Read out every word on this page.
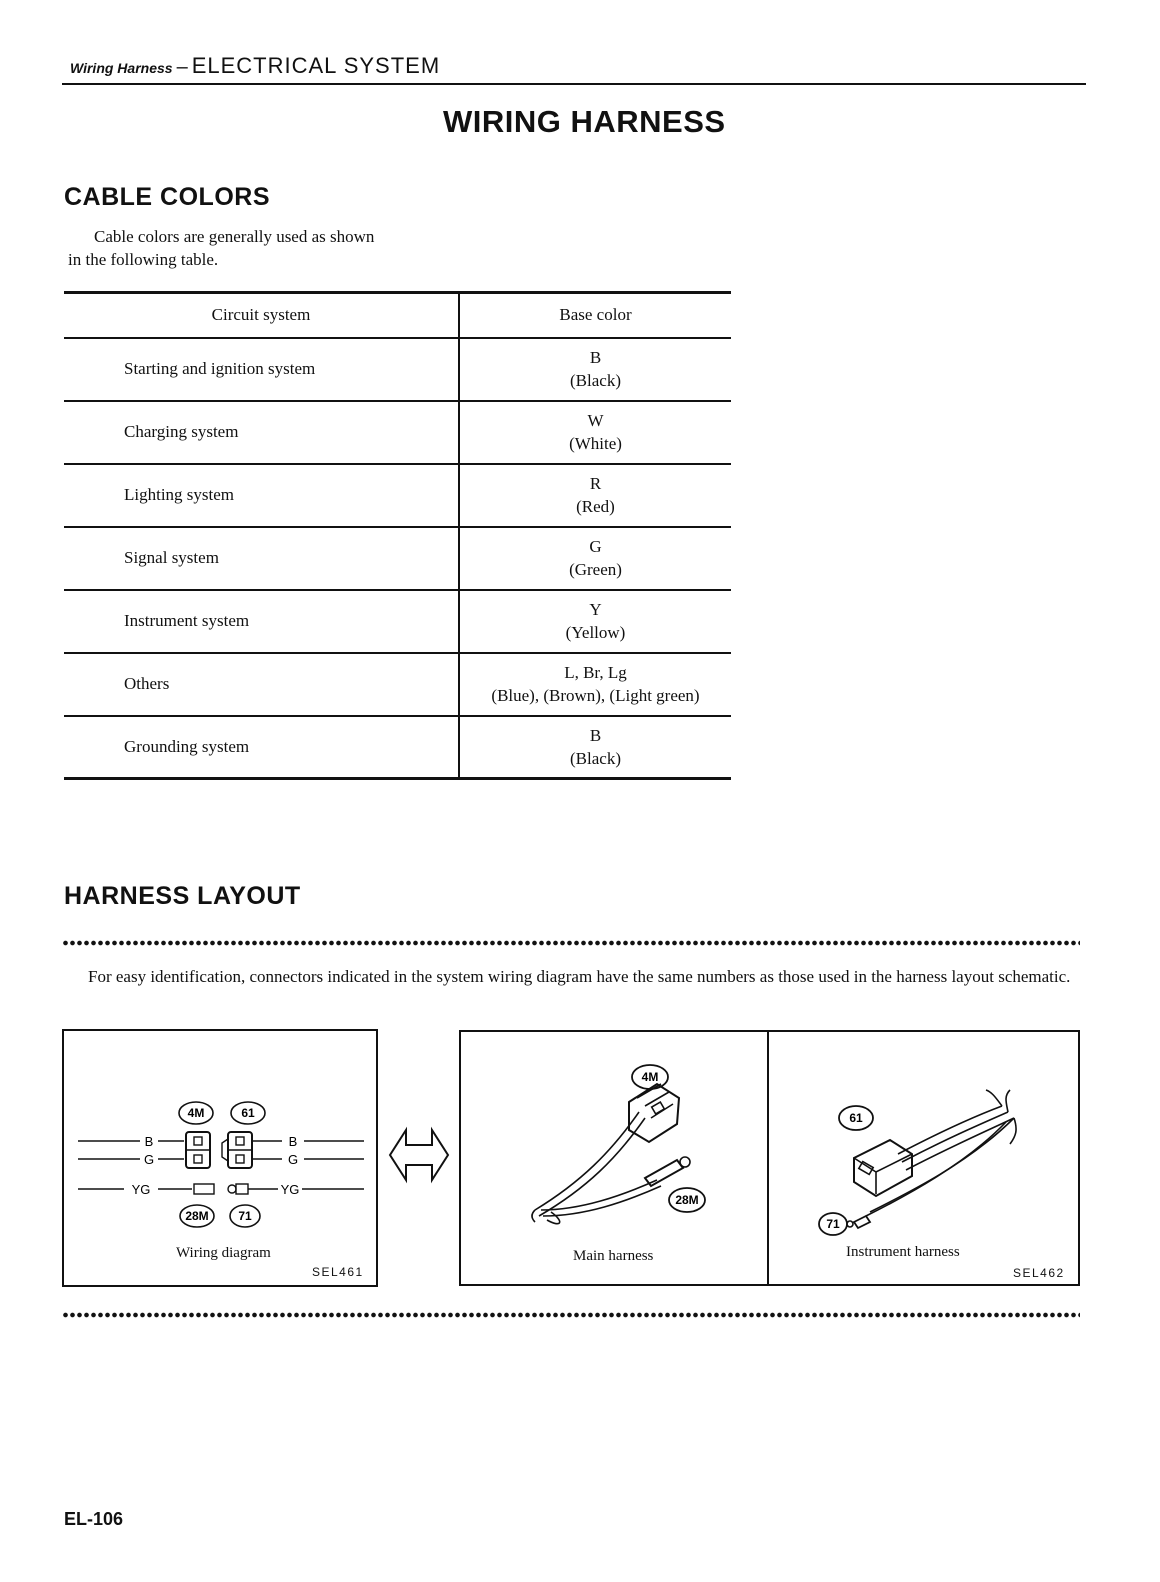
Wiring Harness – ELECTRICAL SYSTEM
WIRING HARNESS
CABLE COLORS
Cable colors are generally used as shown in the following table.
Circuit system	Base color
Starting and ignition system	B
(Black)

Charging system	W
(White)

Lighting system	R
(Red)

Signal system	G
(Green)

Instrument system	Y
(Yellow)

Others	L, Br, Lg
(Blue), (Brown), (Light green)

Grounding system	B
(Black)
HARNESS LAYOUT
For easy identification, connectors indicated in the system wiring diagram have the same numbers as those used in the harness layout schematic.
B
G
YG
B
G
YG
4M	61
28M 71
Wiring diagram
SEL461
4M
28M
Main harness
61
71
Instrument harness
SEL462
EL-106
